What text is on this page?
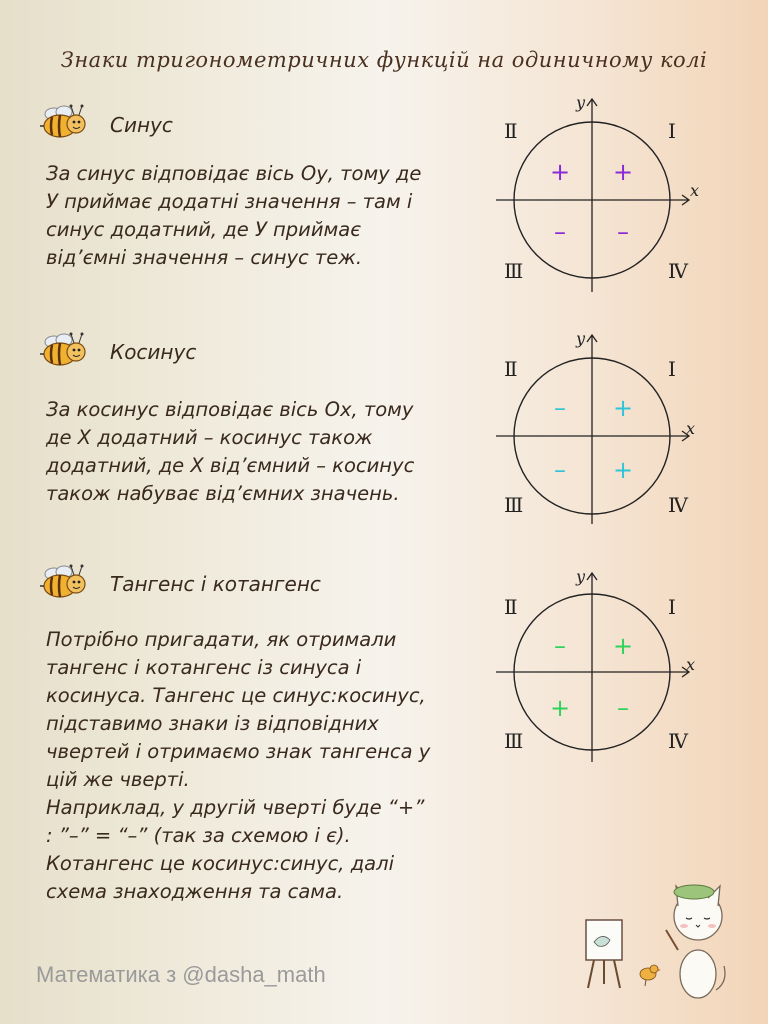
Знаки тригонометричних функцій на одиничному колі
Синус
За синус відповідає вісь Оу, тому де У приймає додатні значення – там і синус додатний, де У приймає від’ємні значення – синус теж.
x
y
Ⅰ
Ⅱ
Ⅲ	Ⅳ
+
+
– –
Косинус
За косинус відповідає вісь Ох, тому де Х додатний – косинус також додатний, де Х від’ємний – косинус також набуває від’ємних значень.
x
y
Ⅰ
Ⅱ
Ⅲ	Ⅳ
+
–
– +
Тангенс і котангенс

Потрібно пригадати, як отримали тангенс і котангенс із синуса і косинуса. Тангенс це синус:косинус, підставимо знаки із відповідних чвертей і отримаємо знак тангенса у цій же чверті.

Наприклад, у другій чверті буде “+” : ”–” = “–” (так за схемою і є).

Котангенс це косинус:синус, далі схема знаходження та сама.

x
y
Ⅰ
Ⅱ
Ⅲ	Ⅳ
+
–
+ –
Математика з @dasha_math
